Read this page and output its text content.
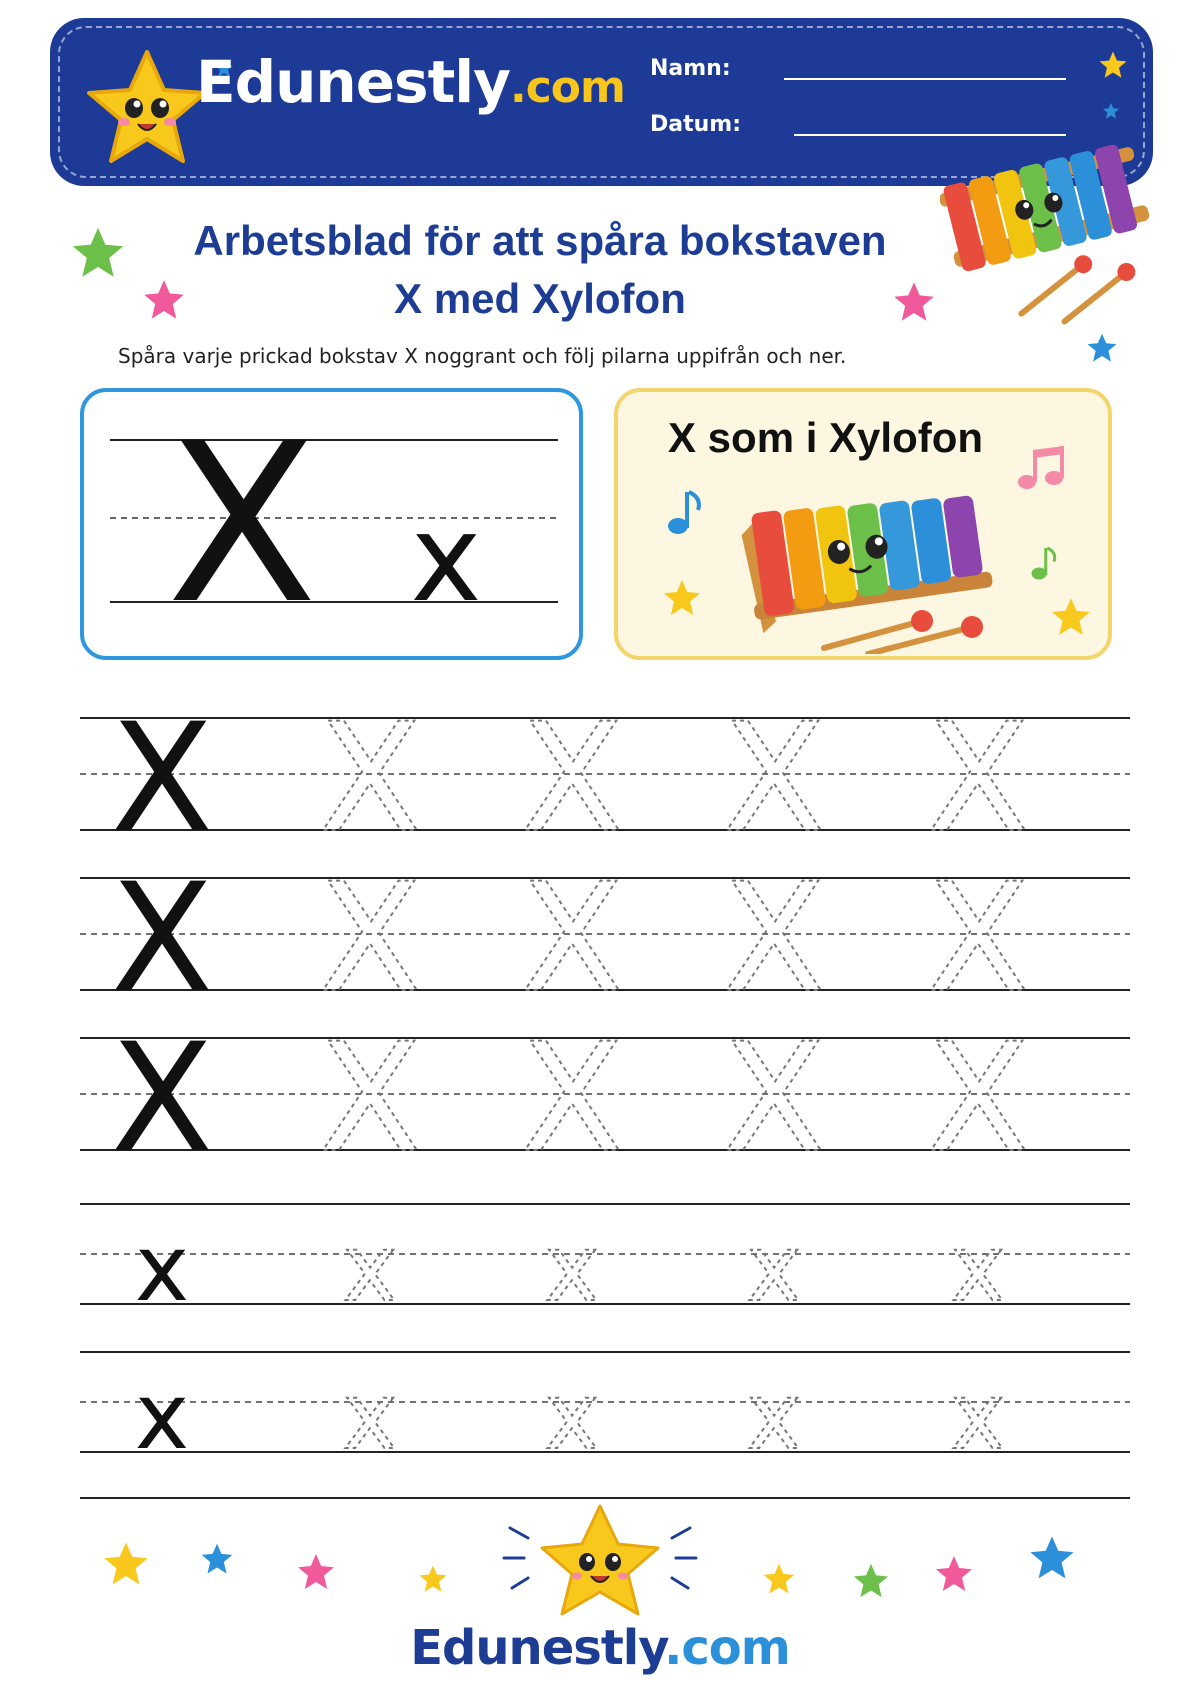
Edunestly.com Namn:
Datum:
Arbetsblad för att spåra bokstaven
X med Xylofon
Spåra varje prickad bokstav X noggrant och följ pilarna uppifrån och ner.
X x
X som i Xylofon
X X X X X
X X X X X
X X X X X
x x x x x
x x x x x
Edunestly.com
